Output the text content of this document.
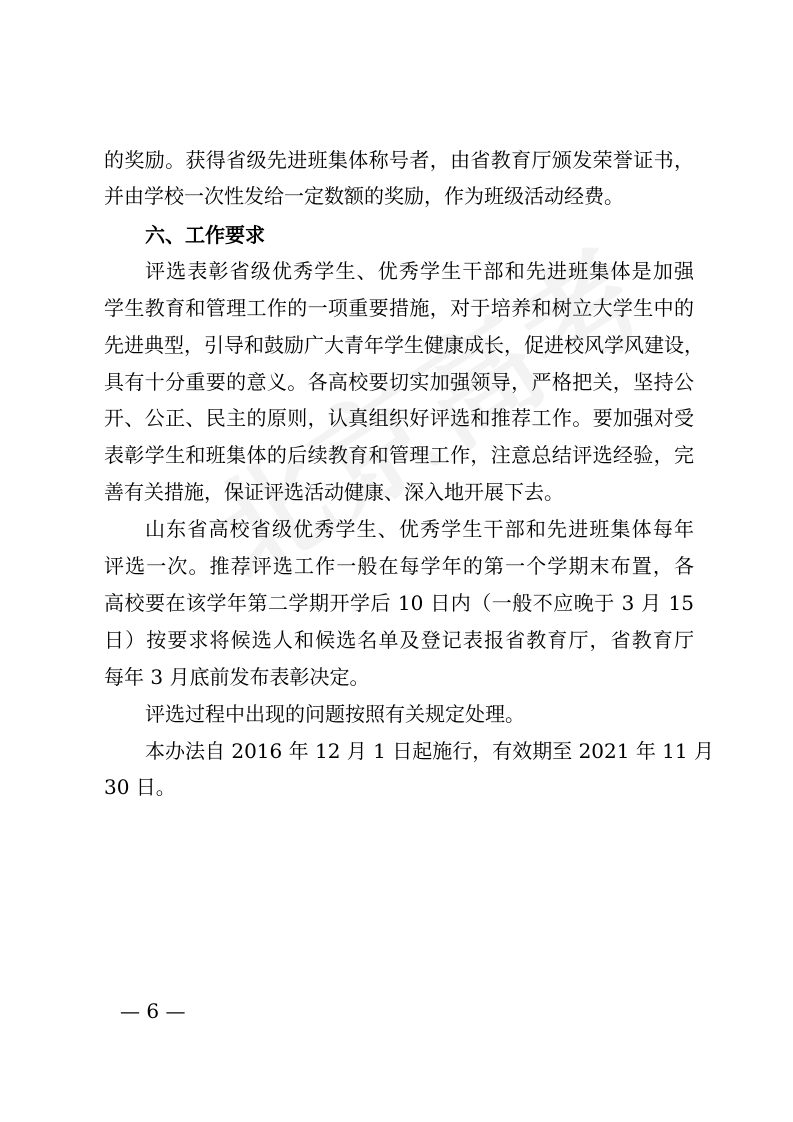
的奖励。获得省级先进班集体称号者，由省教育厅颁发荣誉证书，

并由学校一次性发给一定数额的奖励，作为班级活动经费。

六、工作要求

评选表彰省级优秀学生、优秀学生干部和先进班集体是加强

学生教育和管理工作的一项重要措施，对于培养和树立大学生中的

先进典型，引导和鼓励广大青年学生健康成长，促进校风学风建设，

具有十分重要的意义。各高校要切实加强领导，严格把关，坚持公

开、公正、民主的原则，认真组织好评选和推荐工作。要加强对受

表彰学生和班集体的后续教育和管理工作，注意总结评选经验，完

善有关措施，保证评选活动健康、深入地开展下去。

山东省高校省级优秀学生、优秀学生干部和先进班集体每年

评选一次。推荐评选工作一般在每学年的第一个学期末布置，各

高校要在该学年第二学期开学后 10 日内（一般不应晚于 3 月 15

日）按要求将候选人和候选名单及登记表报省教育厅，省教育厅

每年 3 月底前发布表彰决定。

评选过程中出现的问题按照有关规定处理。

本办法自 2016 年 12 月 1 日起施行，有效期至 2021 年 11 月

30 日。

— 6 —
